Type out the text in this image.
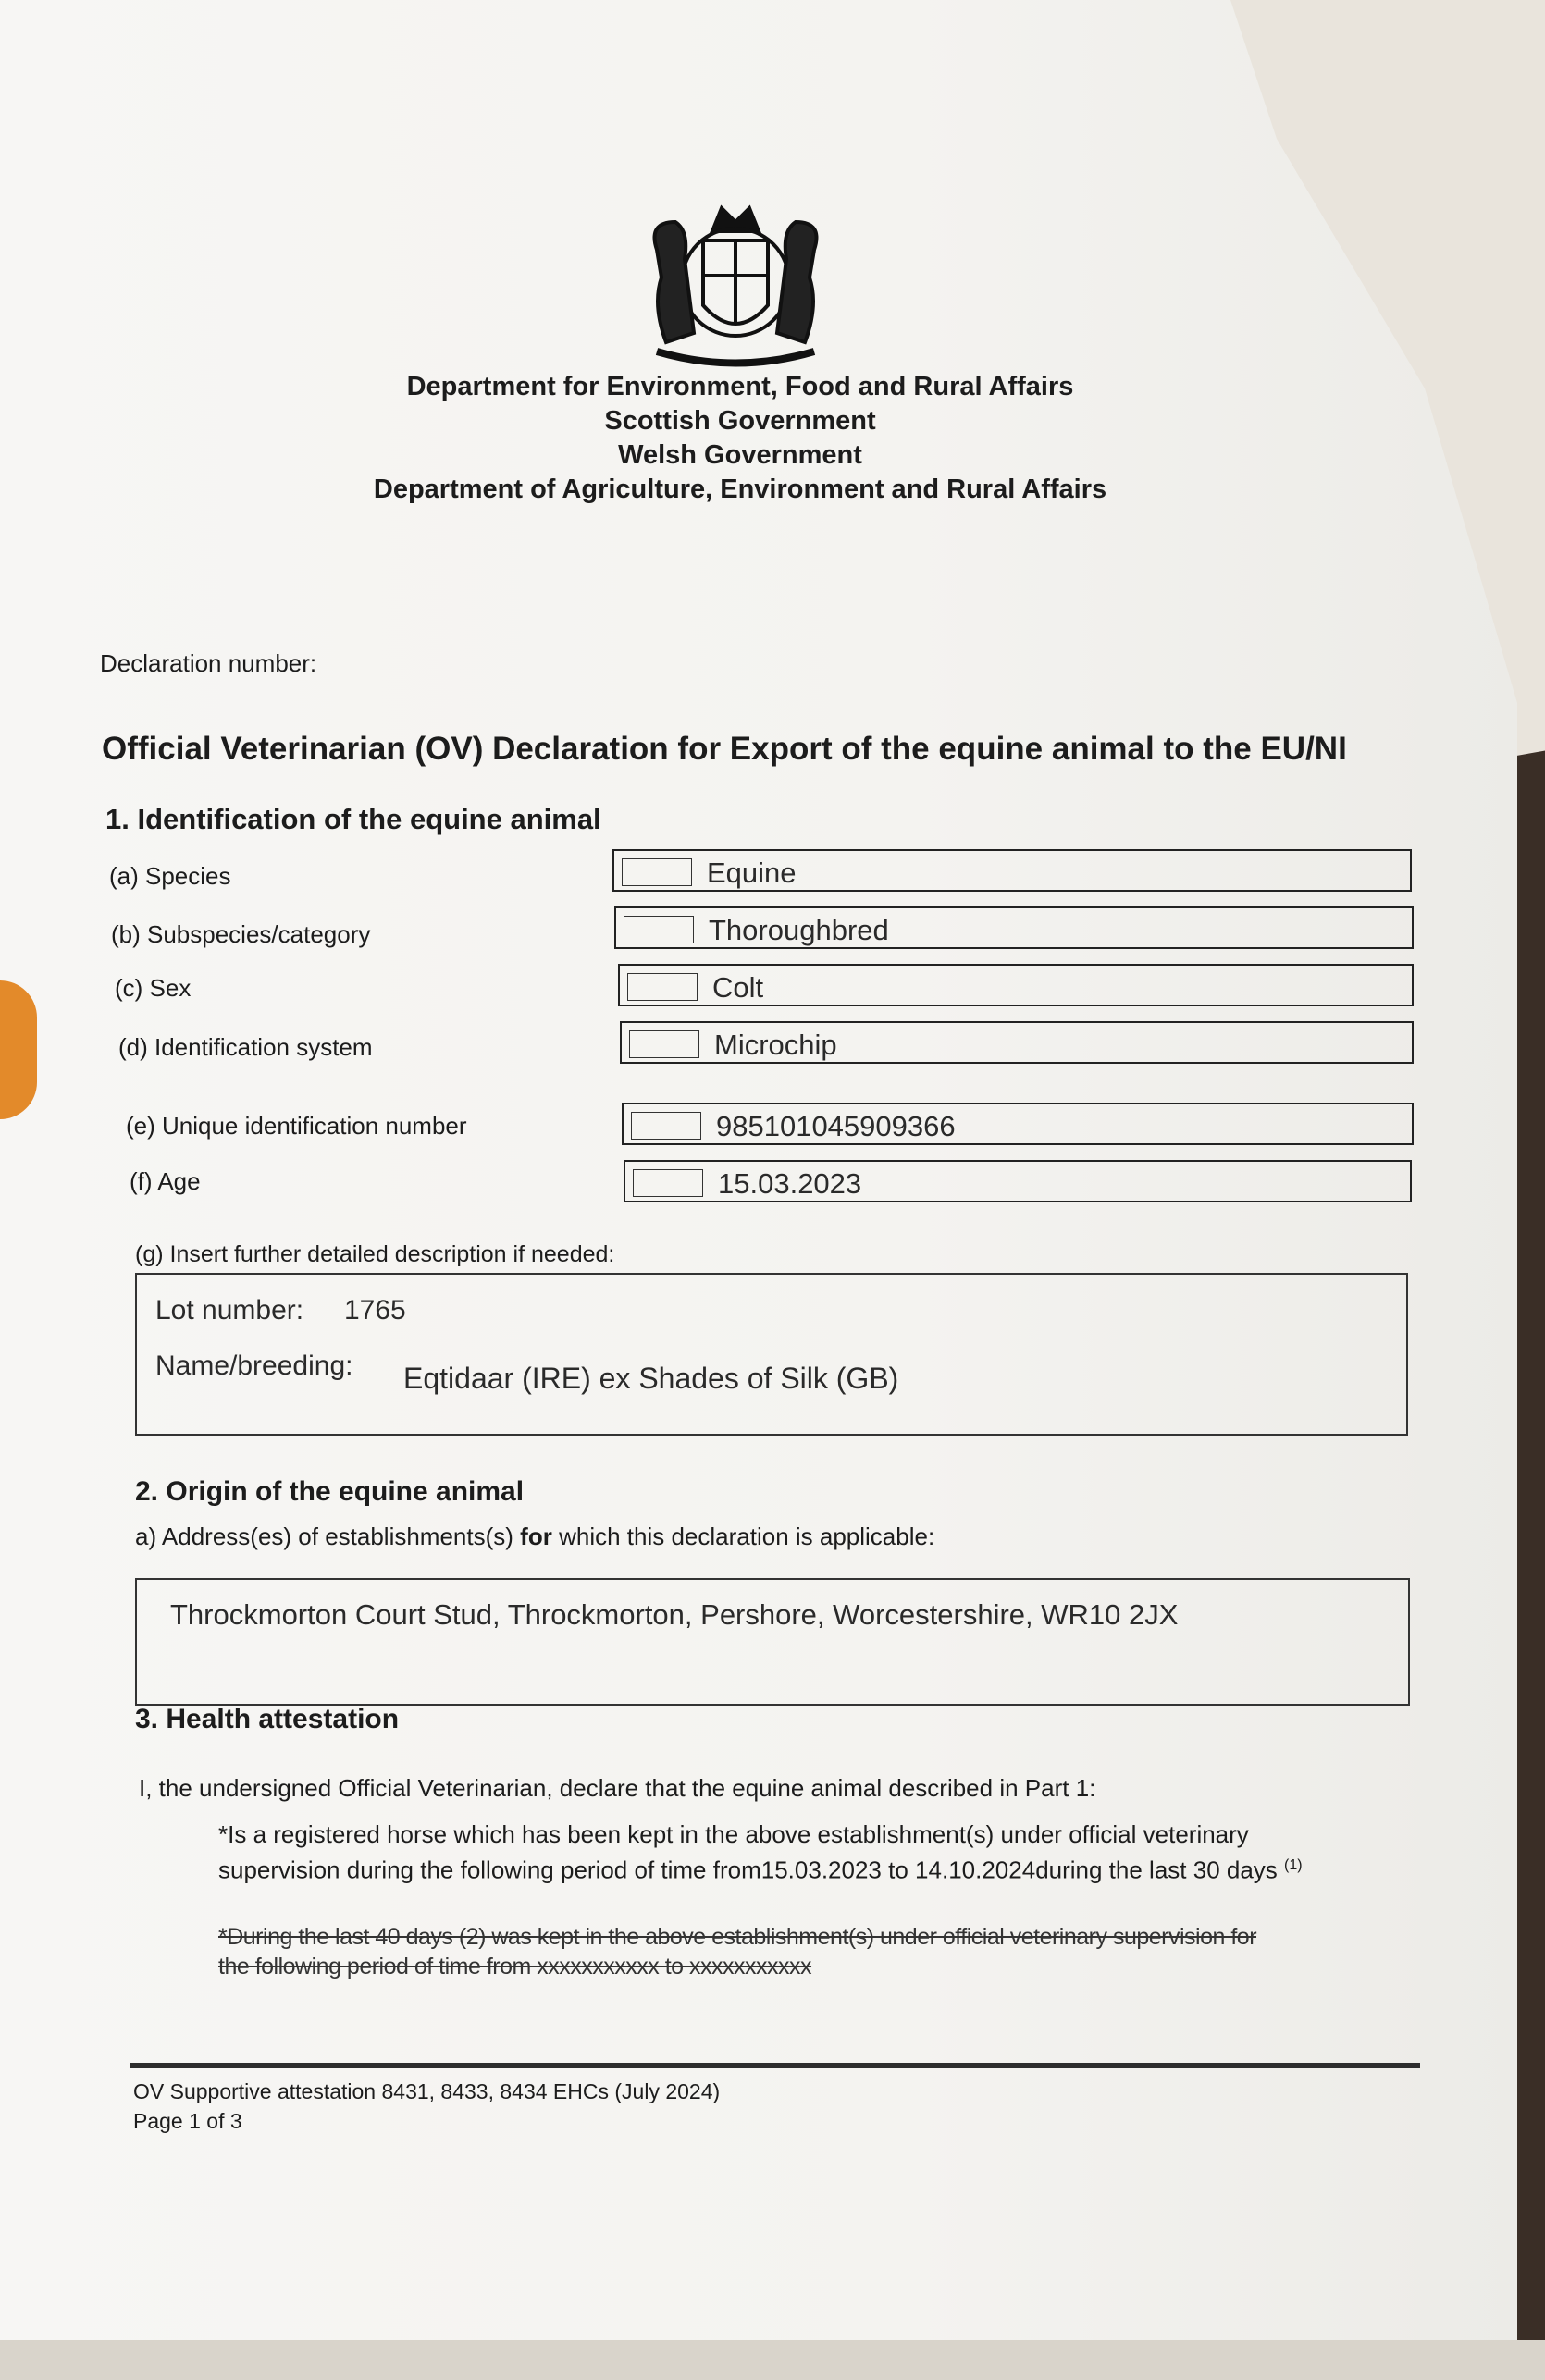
Department for Environment, Food and Rural Affairs
Scottish Government
Welsh Government
Department of Agriculture, Environment and Rural Affairs
Declaration number:
Official Veterinarian (OV) Declaration for Export of the equine animal to the EU/NI
1. Identification of the equine animal
(a) Species	Equine
(b) Subspecies/category	Thoroughbred
(c) Sex	Colt
(d) Identification system	Microchip
(e) Unique identification number	985101045909366
(f) Age	15.03.2023
(g) Insert further detailed description if needed:
Lot number: 1765
Name/breeding: Eqtidaar (IRE) ex Shades of Silk (GB)
2. Origin of the equine animal
a) Address(es) of establishments(s) for which this declaration is applicable:
Throckmorton Court Stud, Throckmorton, Pershore, Worcestershire, WR10 2JX
3. Health attestation
I, the undersigned Official Veterinarian, declare that the equine animal described in Part 1:
*Is a registered horse which has been kept in the above establishment(s) under official veterinary
supervision during the following period of time from15.03.2023 to 14.10.2024during the last 30 days $^{(1)}$
*During the last 40 days (2) was kept in the above establishment(s) under official veterinary supervision for
the following period of time from xxxxxxxxxxx to xxxxxxxxxxx
OV Supportive attestation 8431, 8433, 8434 EHCs (July 2024)
Page 1 of 3
